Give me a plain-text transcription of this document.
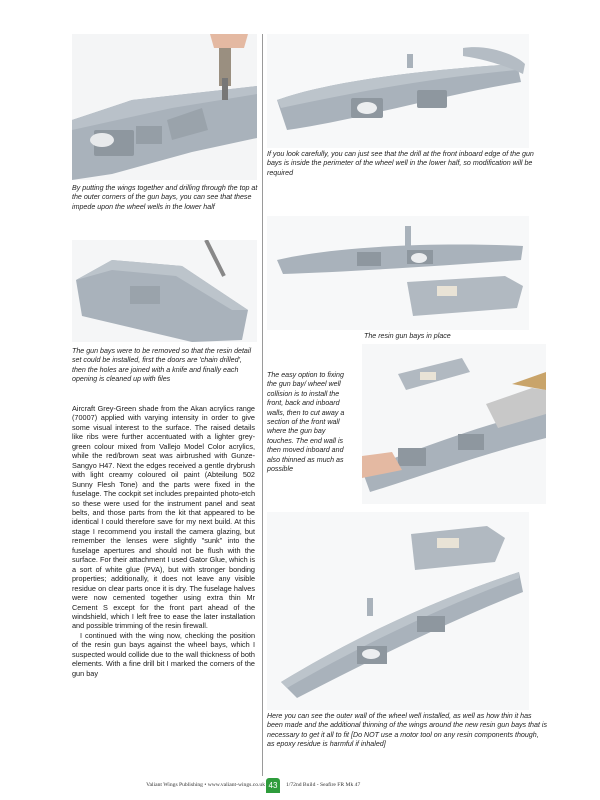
By putting the wings together and drilling through the top at the outer corners of the gun bays, you can see that these impede upon the wheel wells in the lower half

If you look carefully, you can just see that the drill at the front inboard edge of the gun bays is inside the perimeter of the wheel well in the lower half, so modification will be required

The gun bays were to be removed so that the resin detail set could be installed, first the doors are 'chain drilled', then the holes are joined with a knife and finally each opening is cleaned up with files

The resin gun bays in place

The easy option to fixing the gun bay/ wheel well collision is to install the front, back and inboard walls, then to cut away a section of the front wall where the gun bay touches. The end wall is then moved inboard and also thinned as much as possible

Here you can see the outer wall of the wheel well installed, as well as how thin it has been made and the additional thinning of the wings around the new resin gun bays that is necessary to get it all to fit [Do NOT use a motor tool on any resin components though, as epoxy residue is harmful if inhaled]

Aircraft Grey-Green shade from the Akan acrylics range (70007) applied with varying intensity in order to give some visual interest to the surface. The raised details like ribs were further accentuated with a lighter grey-green colour mixed from Vallejo Model Color acrylics, while the red/brown seat was airbrushed with Gunze-Sangyo H47. Next the edges received a gentle drybrush with light creamy coloured oil paint (Abteilung 502 Sunny Flesh Tone) and the parts were fixed in the fuselage. The cockpit set includes prepainted photo-etch so these were used for the instrument panel and seat belts, and those parts from the kit that appeared to be identical I could therefore save for my next build. At this stage I recommend you install the camera glazing, but remember the lenses were slightly "sunk" into the fuselage apertures and should not be flush with the surface. For their attachment I used Gator Glue, which is a sort of white glue (PVA), but with stronger bonding properties; additionally, it does not leave any visible residue on clear parts once it is dry. The fuselage halves were now cemented together using extra thin Mr Cement S except for the front part ahead of the windshield, which I left free to ease the later installation and possible trimming of the resin firewall.

I continued with the wing now, checking the position of the resin gun bays against the wheel bays, which I suspected would collide due to the wall thickness of both elements. With a fine drill bit I marked the corners of the gun bay

Valiant Wings Publishing • www.valiant-wings.co.uk 43	1/72nd Build - Seafire FR Mk 47
